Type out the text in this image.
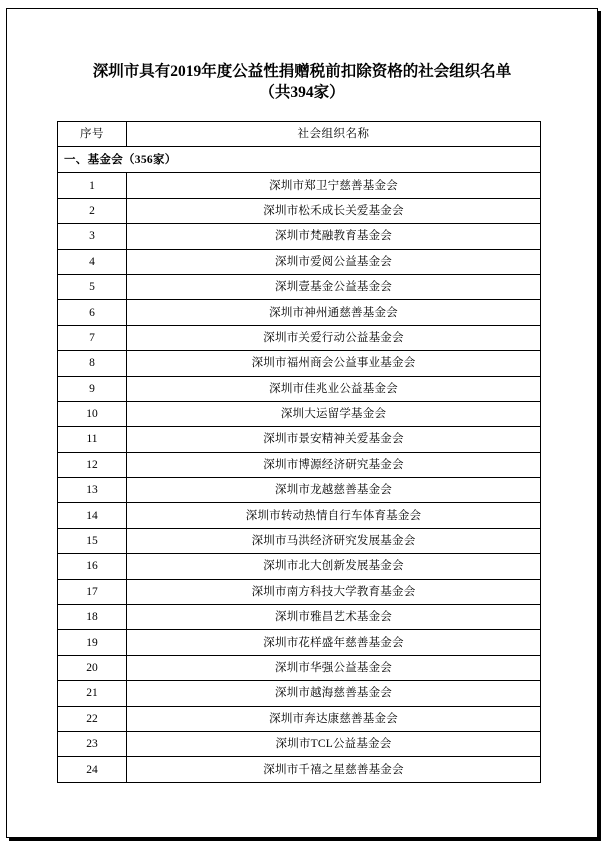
深圳市具有2019年度公益性捐赠税前扣除资格的社会组织名单
（共394家）
序号	社会组织名称
一、基金会（356家）	
1	深圳市郑卫宁慈善基金会
2	深圳市松禾成长关爱基金会
3	深圳市梵融教育基金会
4	深圳市爱阅公益基金会
5	深圳壹基金公益基金会
6	深圳市神州通慈善基金会
7	深圳市关爱行动公益基金会
8	深圳市福州商会公益事业基金会
9	深圳市佳兆业公益基金会
10	深圳大运留学基金会
11	深圳市景安精神关爱基金会
12	深圳市博源经济研究基金会
13	深圳市龙越慈善基金会
14	深圳市转动热情自行车体育基金会
15	深圳市马洪经济研究发展基金会
16	深圳市北大创新发展基金会
17	深圳市南方科技大学教育基金会
18	深圳市雅昌艺术基金会
19	深圳市花样盛年慈善基金会
20	深圳市华强公益基金会
21	深圳市越海慈善基金会
22	深圳市奔达康慈善基金会
23	深圳市TCL公益基金会
24	深圳市千禧之星慈善基金会
